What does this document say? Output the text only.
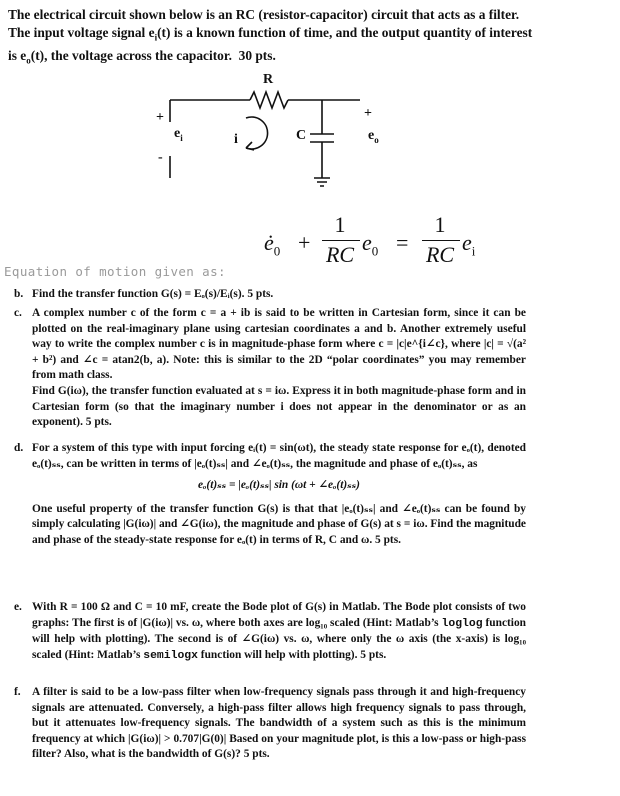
The electrical circuit shown below is an RC (resistor-capacitor) circuit that acts as a filter.
The input voltage signal $e_i(t)$ is a known function of time, and the output quantity of interest
is $e_o(t)$, the voltage across the capacitor. 30 pts.
R
+
-
$e_i$	i	C
+
$e_o$
$ė_0$ +
1
RC $e_0$ =
1
RC $e_i$
Equation of motion given as:
b. Find the transfer function G(s) = Eₒ(s)/Eᵢ(s). 5 pts.
c. A complex number c of the form c = a + ib is said to be written in Cartesian form, since it can be plotted on the real-imaginary plane using cartesian coordinates a and b. Another extremely useful way to write the complex number c is in magnitude-phase form where c = |c|e^{i∠c}, where |c| = √(a² + b²) and ∠c = atan2(b, a). Note: this is similar to the 2D “polar coordinates” you may remember from math class.
Find G(iω), the transfer function evaluated at s = iω. Express it in both magnitude-phase form and in Cartesian form (so that the imaginary number i does not appear in the denominator or as an exponent). 5 pts.
d. For a system of this type with input forcing eᵢ(t) = sin(ωt), the steady state response for eₒ(t), denoted eₒ(t)ₛₛ, can be written in terms of |eₒ(t)ₛₛ| and ∠eₒ(t)ₛₛ, the magnitude and phase of eₒ(t)ₛₛ, as
eₒ(t)ₛₛ = |eₒ(t)ₛₛ| sin (ωt + ∠eₒ(t)ₛₛ)
One useful property of the transfer function G(s) is that that |eₒ(t)ₛₛ| and ∠eₒ(t)ₛₛ can be found by simply calculating |G(iω)| and ∠G(iω), the magnitude and phase of G(s) at s = iω. Find the magnitude and phase of the steady-state response for eₒ(t) in terms of R, C and ω. 5 pts.
e. With R = 100 Ω and C = 10 mF, create the Bode plot of G(s) in Matlab. The Bode plot consists of two graphs: The first is of |G(iω)| vs. ω, where both axes are log₁₀ scaled (Hint: Matlab’s loglog function will help with plotting). The second is of ∠G(iω) vs. ω, where only the ω axis (the x-axis) is log₁₀ scaled (Hint: Matlab’s semilogx function will help with plotting). 5 pts.
f. A filter is said to be a low-pass filter when low-frequency signals pass through it and high-frequency signals are attenuated. Conversely, a high-pass filter allows high frequency signals to pass through, but it attenuates low-frequency signals. The bandwidth of a system such as this is the minimum frequency at which |G(iω)| > 0.707|G(0)| Based on your magnitude plot, is this a low-pass or high-pass filter? Also, what is the bandwidth of G(s)? 5 pts.
